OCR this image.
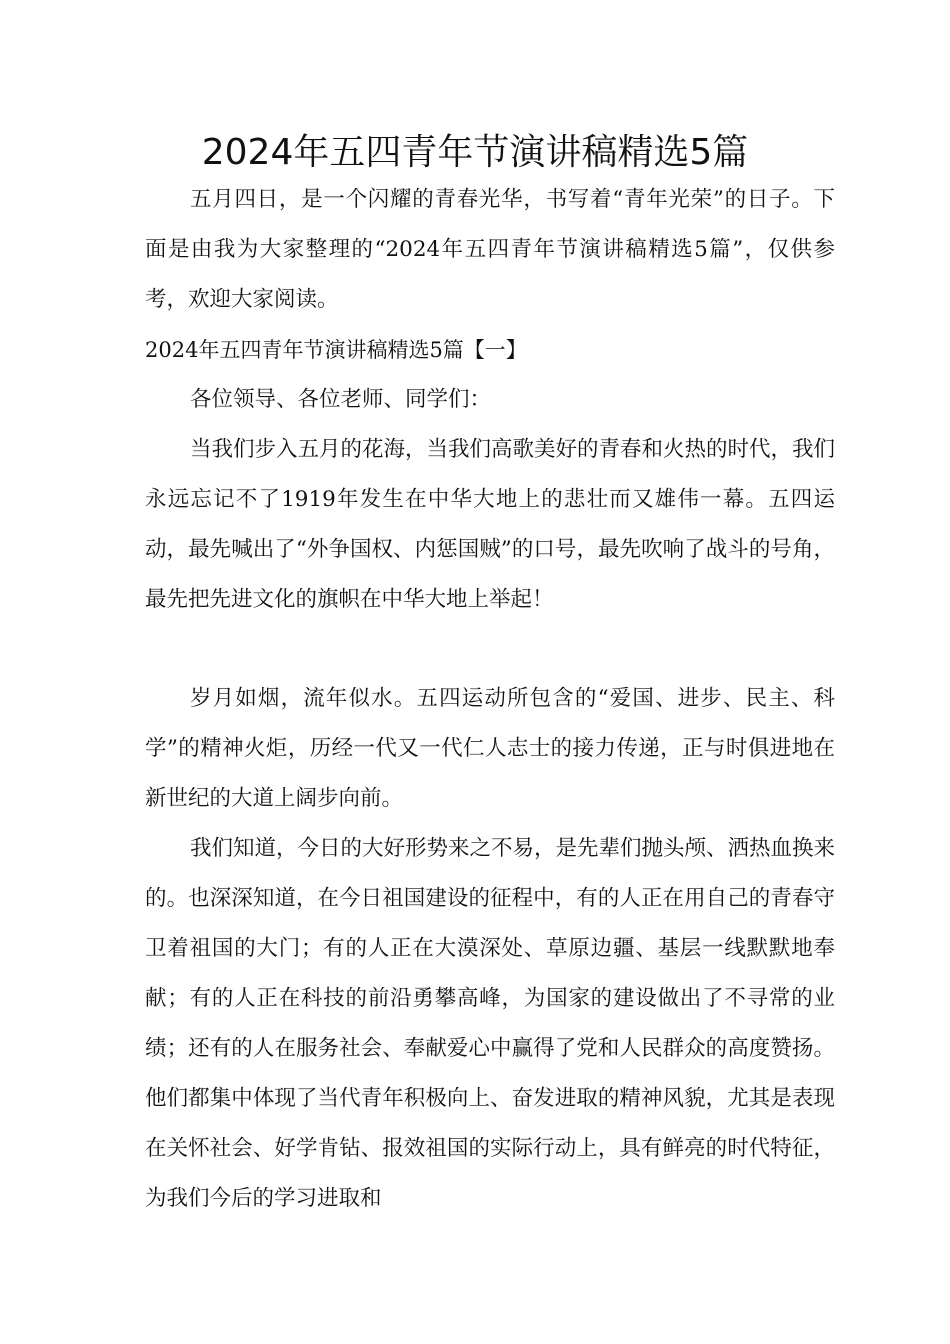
2024年五四青年节演讲稿精选5篇

五月四日，是一个闪耀的青春光华，书写着“青年光荣”的日子。下面是由我为大家整理的“2024年五四青年节演讲稿精选5篇”，仅供参考，欢迎大家阅读。

2024年五四青年节演讲稿精选5篇【一】

各位领导、各位老师、同学们：

当我们步入五月的花海，当我们高歌美好的青春和火热的时代，我们永远忘记不了1919年发生在中华大地上的悲壮而又雄伟一幕。五四运动，最先喊出了“外争国权、内惩国贼”的口号，最先吹响了战斗的号角，最先把先进文化的旗帜在中华大地上举起！

岁月如烟，流年似水。五四运动所包含的“爱国、进步、民主、科学”的精神火炬，历经一代又一代仁人志士的接力传递，正与时俱进地在新世纪的大道上阔步向前。

我们知道，今日的大好形势来之不易，是先辈们抛头颅、洒热血换来的。也深深知道，在今日祖国建设的征程中，有的人正在用自己的青春守卫着祖国的大门；有的人正在大漠深处、草原边疆、基层一线默默地奉献；有的人正在科技的前沿勇攀高峰，为国家的建设做出了不寻常的业绩；还有的人在服务社会、奉献爱心中赢得了党和人民群众的高度赞扬。他们都集中体现了当代青年积极向上、奋发进取的精神风貌，尤其是表现在关怀社会、好学肯钻、报效祖国的实际行动上，具有鲜亮的时代特征，为我们今后的学习进取和
